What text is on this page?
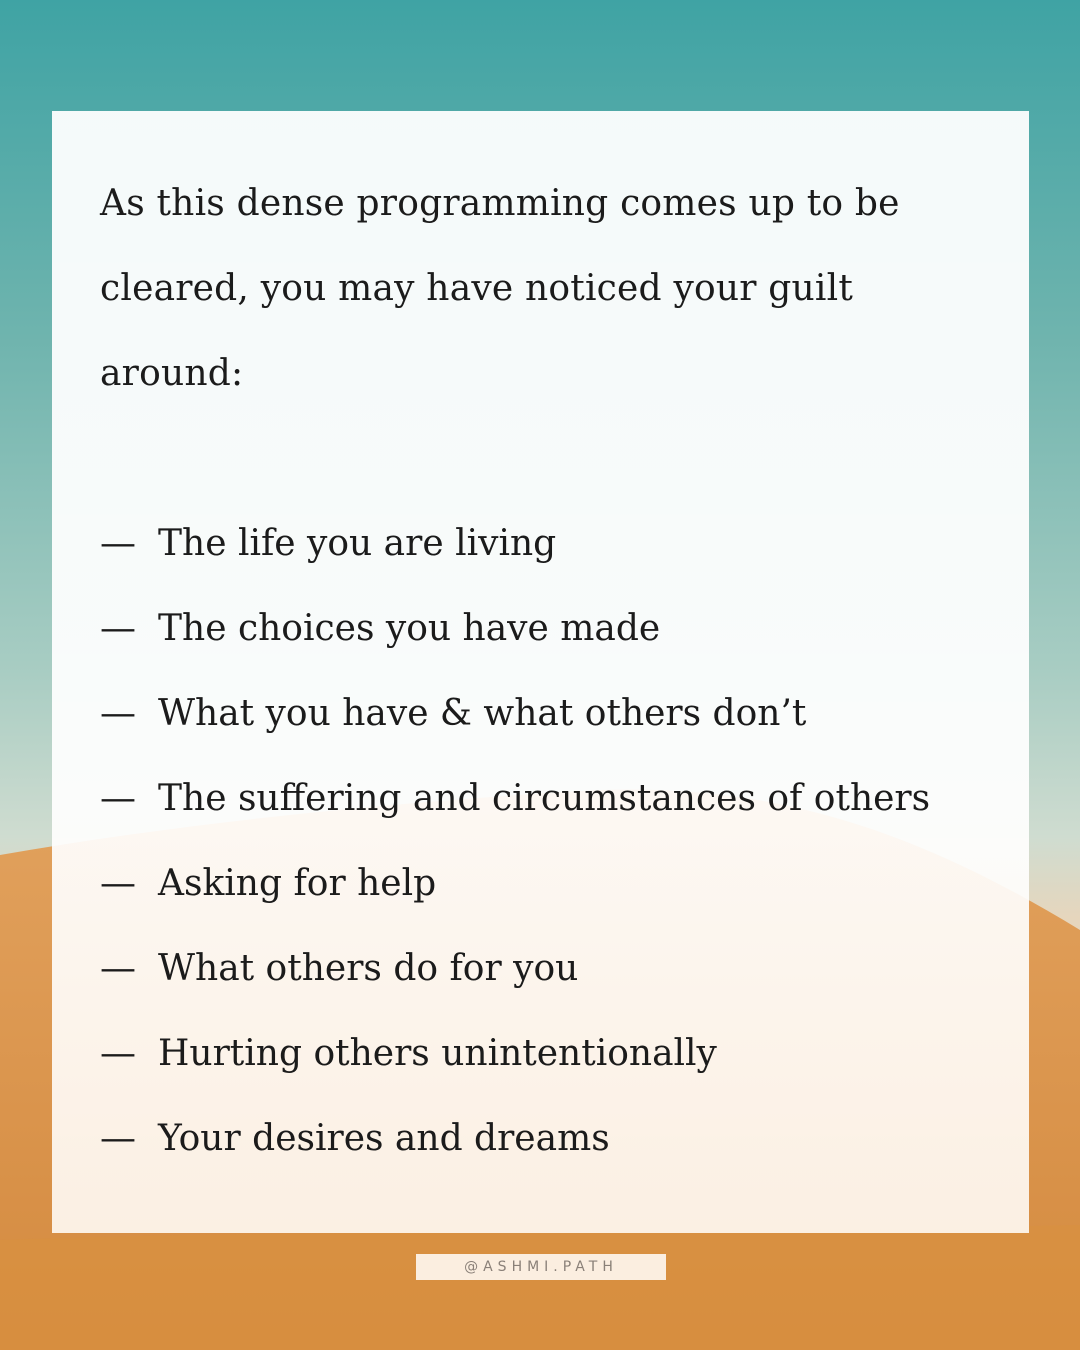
As this dense programming comes up to be cleared, you may have noticed your guilt around:

— The life you are living
— The choices you have made
— What you have & what others don’t
— The suffering and circumstances of others
— Asking for help
— What others do for you
— Hurting others unintentionally
— Your desires and dreams
@ASHMI.PATH
